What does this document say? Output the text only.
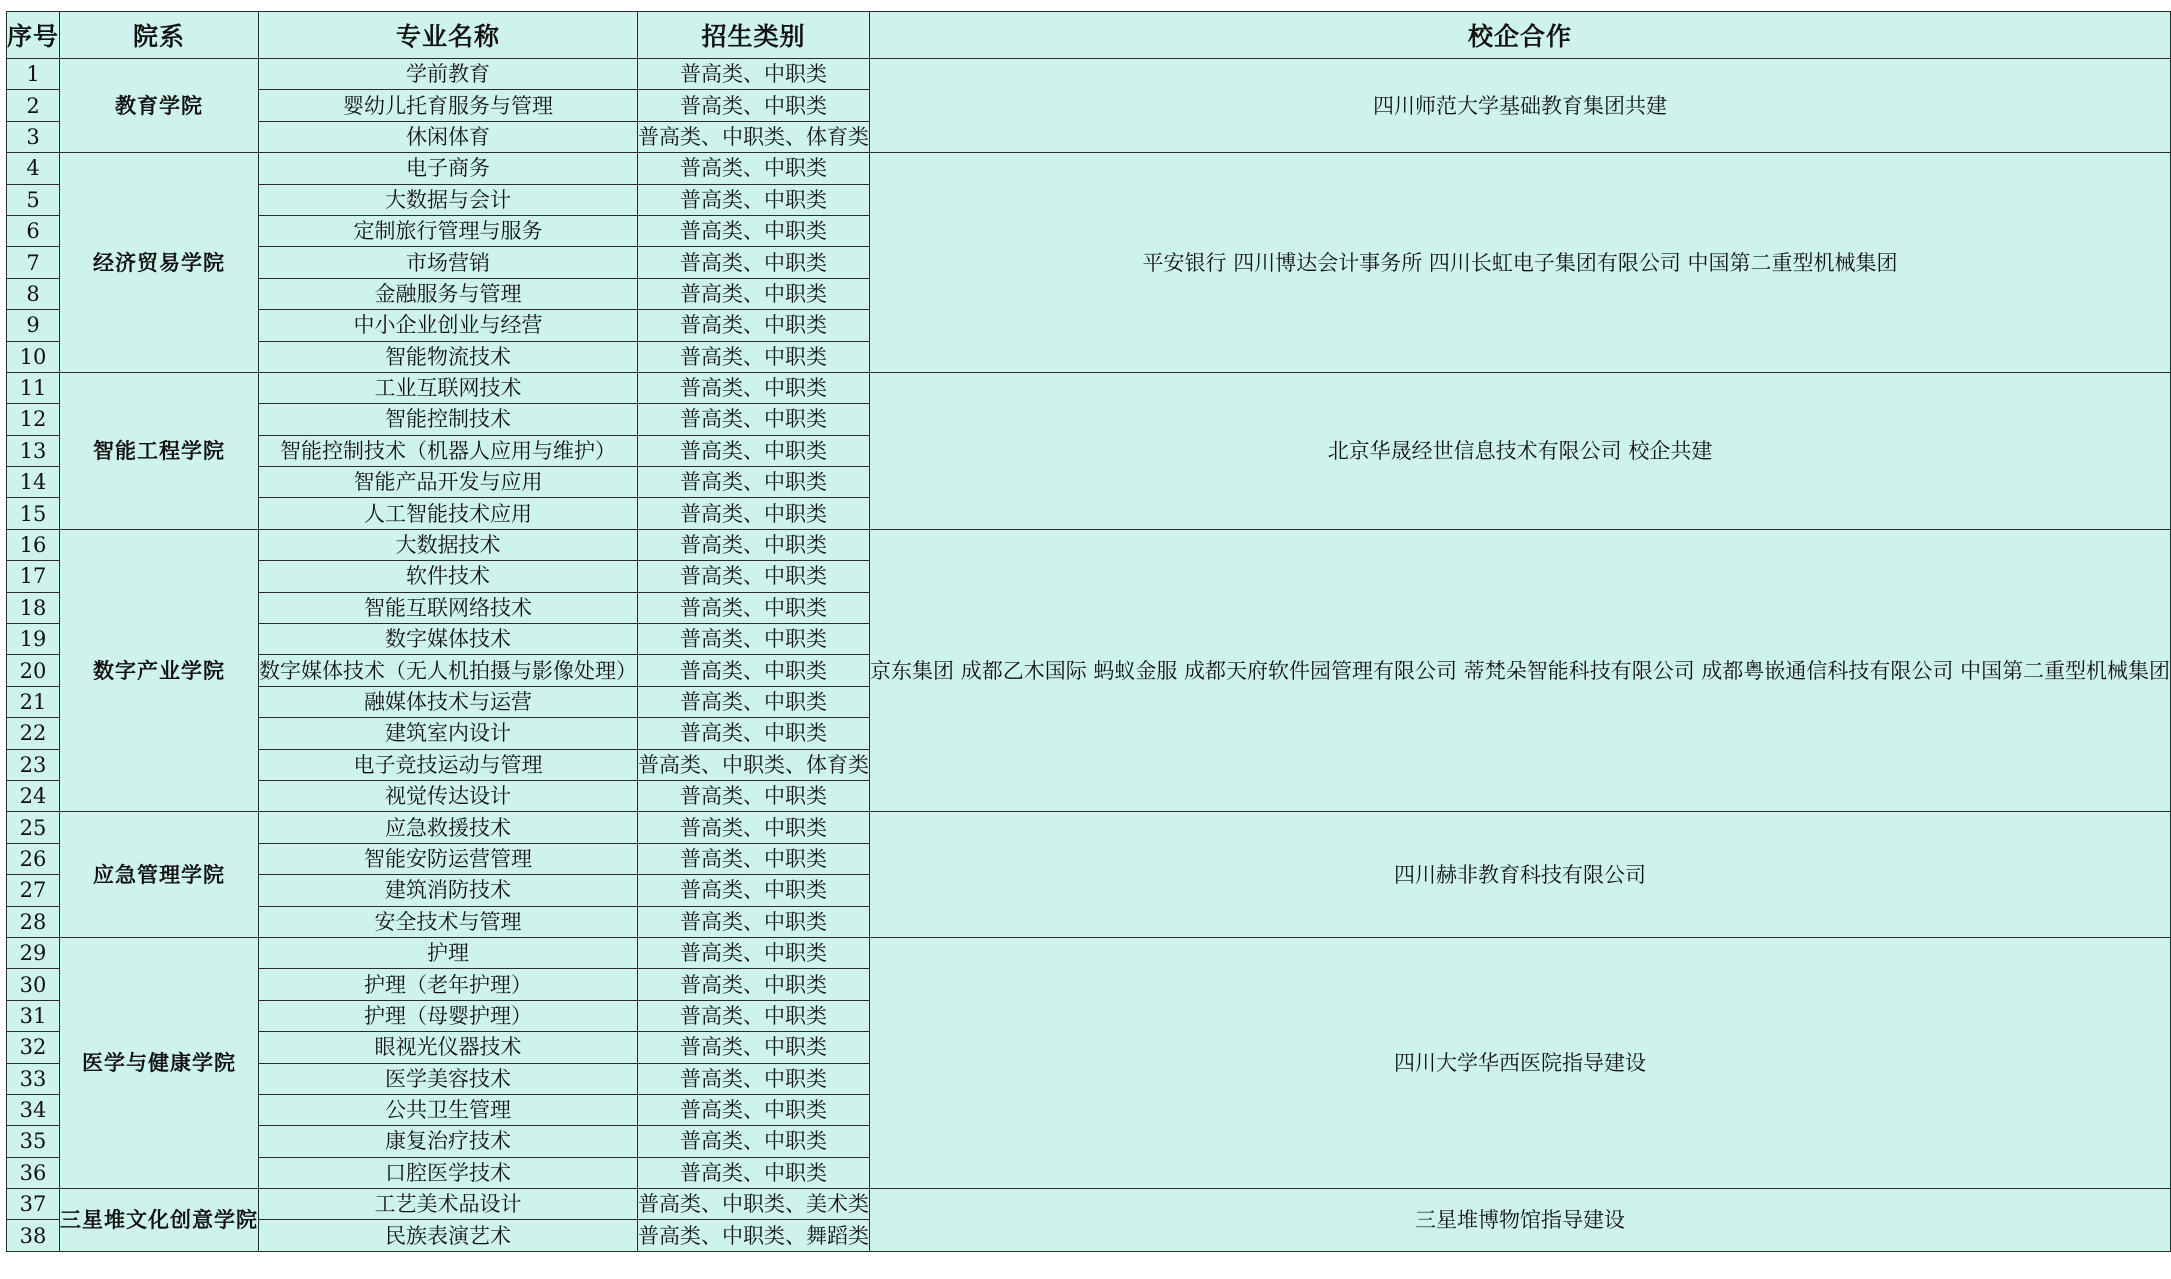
序号	院系	专业名称	招生类别	校企合作
1	教育学院	学前教育	普高类、中职类	四川师范大学基础教育集团共建
2		婴幼儿托育服务与管理	普高类、中职类	
3		休闲体育	普高类、中职类、体育类	
4	经济贸易学院	电子商务	普高类、中职类	平安银行 四川博达会计事务所 四川长虹电子集团有限公司 中国第二重型机械集团
5		大数据与会计	普高类、中职类	
6		定制旅行管理与服务	普高类、中职类	
7		市场营销	普高类、中职类	
8		金融服务与管理	普高类、中职类	
9		中小企业创业与经营	普高类、中职类	
10		智能物流技术	普高类、中职类	
11	智能工程学院	工业互联网技术	普高类、中职类	北京华晟经世信息技术有限公司 校企共建
12		智能控制技术	普高类、中职类	
13		智能控制技术（机器人应用与维护）	普高类、中职类	
14		智能产品开发与应用	普高类、中职类	
15		人工智能技术应用	普高类、中职类	
16	数字产业学院	大数据技术	普高类、中职类	京东集团 成都乙木国际 蚂蚁金服 成都天府软件园管理有限公司 蒂梵朵智能科技有限公司 成都粤嵌通信科技有限公司 中国第二重型机械集团
17		软件技术	普高类、中职类	
18		智能互联网络技术	普高类、中职类	
19		数字媒体技术	普高类、中职类	
20		数字媒体技术（无人机拍摄与影像处理）	普高类、中职类	
21		融媒体技术与运营	普高类、中职类	
22		建筑室内设计	普高类、中职类	
23		电子竞技运动与管理	普高类、中职类、体育类	
24		视觉传达设计	普高类、中职类	
25	应急管理学院	应急救援技术	普高类、中职类	四川赫非教育科技有限公司
26		智能安防运营管理	普高类、中职类	
27		建筑消防技术	普高类、中职类	
28		安全技术与管理	普高类、中职类	
29	医学与健康学院	护理	普高类、中职类	四川大学华西医院指导建设
30		护理（老年护理）	普高类、中职类	
31		护理（母婴护理）	普高类、中职类	
32		眼视光仪器技术	普高类、中职类	
33		医学美容技术	普高类、中职类	
34		公共卫生管理	普高类、中职类	
35		康复治疗技术	普高类、中职类	
36		口腔医学技术	普高类、中职类	
37	三星堆文化创意学院	工艺美术品设计	普高类、中职类、美术类	三星堆博物馆指导建设
38		民族表演艺术	普高类、中职类、舞蹈类	
